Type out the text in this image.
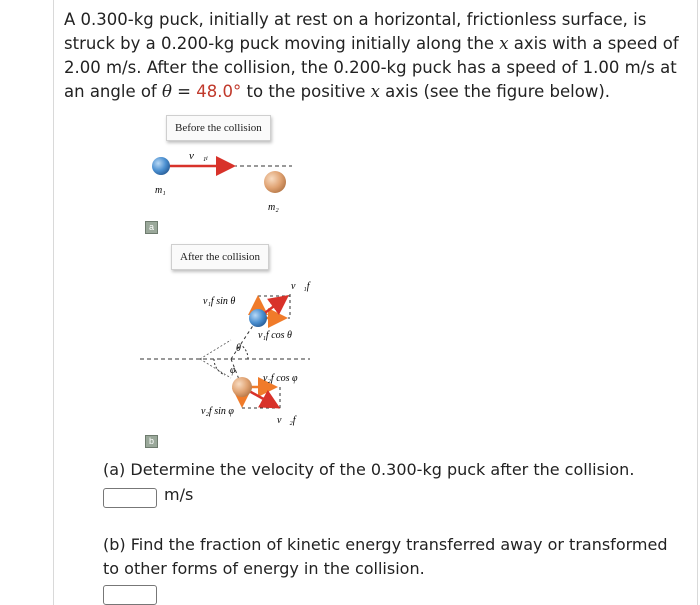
A 0.300-kg puck, initially at rest on a horizontal, frictionless surface, is struck by a 0.200-kg puck moving initially along the x axis with a speed of 2.00 m/s. After the collision, the 0.200-kg puck has a speed of 1.00 m/s at an angle of θ = 48.0° to the positive x axis (see the figure below).

Before the collision
After the collision
a
b
v⃗₁ᵢ
m₁
m₂
θ
φ
v₁f sin θ
v⃗₁f
v₁f cos θ
v₂f cos φ
v₂f sin φ
v⃗₂f

(a) Determine the velocity of the 0.300-kg puck after the collision.

m/s

(b) Find the fraction of kinetic energy transferred away or transformed to other forms of energy in the collision.
